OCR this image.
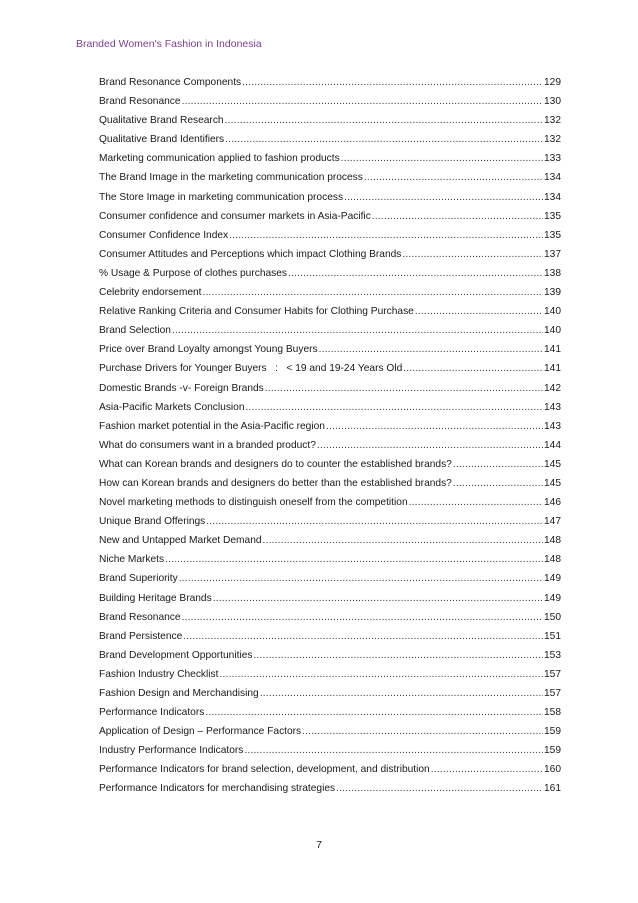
Branded Women's Fashion in Indonesia
Brand Resonance Components .....	129
Brand Resonance .....	130
Qualitative Brand Research .....	132
Qualitative Brand Identifiers .....	132
Marketing communication applied to fashion products .....	133
The Brand Image in the marketing communication process .....	134
The Store Image in marketing communication process .....	134
Consumer confidence and consumer markets in Asia-Pacific .....	135
Consumer Confidence Index .....	135
Consumer Attitudes and Perceptions which impact Clothing Brands .....	137
% Usage & Purpose of clothes purchases .....	138
Celebrity endorsement .....	139
Relative Ranking Criteria and Consumer Habits for Clothing Purchase .....	140
Brand Selection .....	140
Price over Brand Loyalty amongst Young Buyers .....	141
Purchase Drivers for Younger Buyers   :   < 19 and 19-24 Years Old .....	141
Domestic Brands -v- Foreign Brands .....	142
Asia-Pacific Markets Conclusion .....	143
Fashion market potential in the Asia-Pacific region .....	143
What do consumers want in a branded product? .....	144
What can Korean brands and designers do to counter the established brands? .....	145
How can Korean brands and designers do better than the established brands? .....	145
Novel marketing methods to distinguish oneself from the competition .....	146
Unique Brand Offerings .....	147
New and Untapped Market Demand .....	148
Niche Markets .....	148
Brand Superiority .....	149
Building Heritage Brands .....	149
Brand Resonance .....	150
Brand Persistence .....	151
Brand Development Opportunities .....	153
Fashion Industry Checklist .....	157
Fashion Design and Merchandising .....	157
Performance Indicators .....	158
Application of Design – Performance Factors .....	159
Industry Performance Indicators .....	159
Performance Indicators for brand selection, development, and distribution .....	160
Performance Indicators for merchandising strategies .....	161
7
